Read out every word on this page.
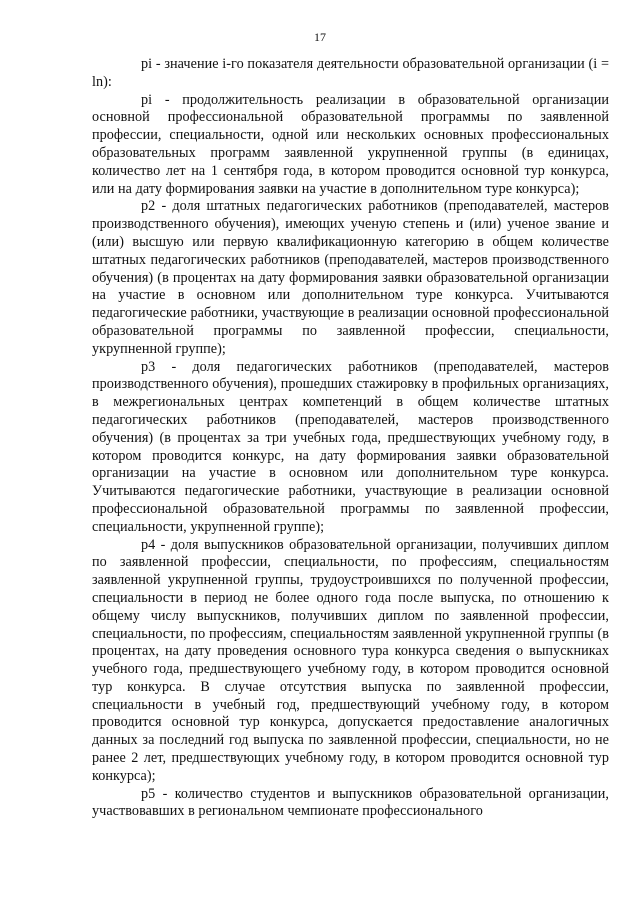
17

pi - значение i-го показателя деятельности образовательной организации (i = ln):

pi - продолжительность реализации в образовательной организации основной профессиональной образовательной программы по заявленной профессии, специальности, одной или нескольких основных профессиональных образовательных программ заявленной укрупненной группы (в единицах, количество лет на 1 сентября года, в котором проводится основной тур конкурса, или на дату формирования заявки на участие в дополнительном туре конкурса);

p2 - доля штатных педагогических работников (преподавателей, мастеров производственного обучения), имеющих ученую степень и (или) ученое звание и (или) высшую или первую квалификационную категорию в общем количестве штатных педагогических работников (преподавателей, мастеров производственного обучения) (в процентах на дату формирования заявки образовательной организации на участие в основном или дополнительном туре конкурса. Учитываются педагогические работники, участвующие в реализации основной профессиональной образовательной программы по заявленной профессии, специальности, укрупненной группе);

p3 - доля педагогических работников (преподавателей, мастеров производственного обучения), прошедших стажировку в профильных организациях, в межрегиональных центрах компетенций в общем количестве штатных педагогических работников (преподавателей, мастеров производственного обучения) (в процентах за три учебных года, предшествующих учебному году, в котором проводится конкурс, на дату формирования заявки образовательной организации на участие в основном или дополнительном туре конкурса. Учитываются педагогические работники, участвующие в реализации основной профессиональной образовательной программы по заявленной профессии, специальности, укрупненной группе);

p4 - доля выпускников образовательной организации, получивших диплом по заявленной профессии, специальности, по профессиям, специальностям заявленной укрупненной группы, трудоустроившихся по полученной профессии, специальности в период не более одного года после выпуска, по отношению к общему числу выпускников, получивших диплом по заявленной профессии, специальности, по профессиям, специальностям заявленной укрупненной группы (в процентах, на дату проведения основного тура конкурса сведения о выпускниках учебного года, предшествующего учебному году, в котором проводится основной тур конкурса. В случае отсутствия выпуска по заявленной профессии, специальности в учебный год, предшествующий учебному году, в котором проводится основной тур конкурса, допускается предоставление аналогичных данных за последний год выпуска по заявленной профессии, специальности, но не ранее 2 лет, предшествующих учебному году, в котором проводится основной тур конкурса);

p5 - количество студентов и выпускников образовательной организации, участвовавших в региональном чемпионате профессионального
